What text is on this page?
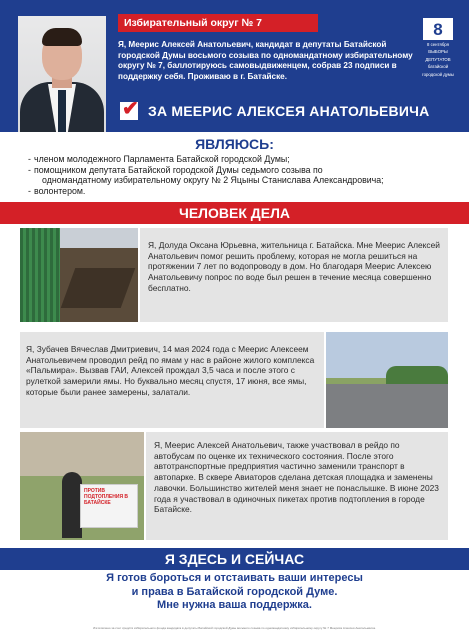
Избирательный округ № 7
Я, Меерис Алексей Анатольевич, кандидат в депутаты Батайской городской Думы восьмого созыва по одномандатному избирательному округу № 7, баллотируюсь самовыдвиженцем, собрав 23 подписи в поддержку себя. Проживаю в г. Батайске.
8
8 сентября
ВЫБОРЫ
ДЕПУТАТОВ
батайской
городской думы
✔ ЗА МЕЕРИС АЛЕКСЕЯ АНАТОЛЬЕВИЧА
ЯВЛЯЮСЬ:
- членом молодежного Парламента Батайской городской Думы;
- помощником депутата Батайской городской Думы седьмого созыва по
одномандатному избирательному округу № 2 Яцыны Станислава Александровича;
- волонтером.
ЧЕЛОВЕК ДЕЛА
Я, Долуда Оксана Юрьевна, жительница г. Батайска. Мне Меерис Алексей Анатольевич помог решить проблему, которая не могла решиться на протяжении 7 лет по водопроводу в дом. Но благодаря Меерис Алексею Анатольевичу попрос по воде был решен в течение месяца совершенно бесплатно.
Я, Зубачев Вячеслав Дмитриевич, 14 мая 2024 года с Меерис Алексеем Анатольевичем проводил рейд по ямам у нас в районе жилого комплекса «Пальмира». Вызвав ГАИ, Алексей прождал 3,5 часа и после этого с рулеткой замерили ямы. Но буквально месяц спустя, 17 июня, все ямы, которые были ранее замерены, залатали.
ПРОТИВ ПОДТОПЛЕНИЯ В БАТАЙСКЕ
Я, Меерис Алексей Анатольевич, также участвовал в рейдо по автобусам по оценке их технического состояния. После этого автотранспортные предприятия частично заменили транспорт в автопарке. В сквере Авиаторов сделана детская площадка и заменены лавочки. Большинство жителей меня знает не понаслышке. В июне 2023 года я участвовал в одиночных пикетах против подтопления в городе Батайске.
Я ЗДЕСЬ И СЕЙЧАС
Я готов бороться и отстаивать ваши интересы
и права в Батайской городской Думе.
Мне нужна ваша поддержка.
Изготовлено за счет средств избирательного фонда кандидата в депутаты Батайской городской Думы восьмого созыва по одномандатному избирательному округу № 7 Меериса Алексея Анатольевича.
